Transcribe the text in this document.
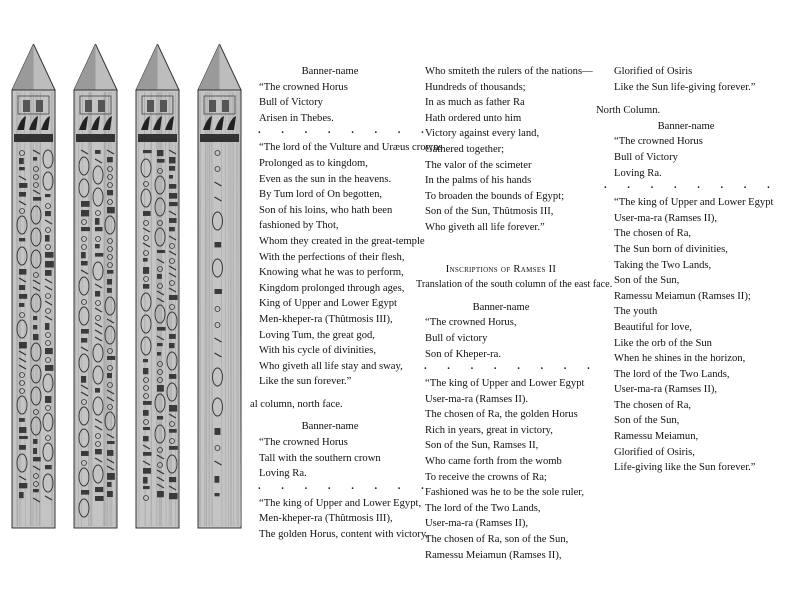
Banner-name
“The crowned Horus
Bull of Victory
Arisen in Thebes.
. . . . . . . .
“The lord of the Vulture and Uræus crowns
Prolonged as to kingdom,
Even as the sun in the heavens.
By Tum lord of On begotten,
Son of his loins, who hath been
fashioned by Thot,
Whom they created in the great-temple
With the perfections of their flesh,
Knowing what he was to perform,
Kingdom prolonged through ages,
King of Upper and Lower Egypt
Men-kheper-ra (Thûtmosis III),
Loving Tum, the great god,
With his cycle of divinities,
Who giveth all life stay and sway,
Like the sun forever.”
al column, north face.
Banner-name
“The crowned Horus
Tall with the southern crown
Loving Ra.
. . . . . . . .
“The king of Upper and Lower Egypt,
Men-kheper-ra (Thûtmosis III),
The golden Horus, content with victory,
Who smiteth the rulers of the nations—
Hundreds of thousands;
In as much as father Ra
Hath ordered unto him
Victory against every land,
Gathered together;
The valor of the scimeter
In the palms of his hands
To broaden the bounds of Egypt;
Son of the Sun, Thûtmosis III,
Who giveth all life forever.”
Inscriptions of Ramses II
Translation of the south column of the east face.
Banner-name
“The crowned Horus,
Bull of victory
Son of Kheper-ra.
. . . . . . . .
“The king of Upper and Lower Egypt
User-ma-ra (Ramses II).
The chosen of Ra, the golden Horus
Rich in years, great in victory,
Son of the Sun, Ramses II,
Who came forth from the womb
To receive the crowns of Ra;
Fashioned was he to be the sole ruler,
The lord of the Two Lands,
User-ma-ra (Ramses II),
The chosen of Ra, son of the Sun,
Ramessu Meiamun (Ramses II),
Glorified of Osiris
Like the Sun life-giving forever.”
North Column.
Banner-name
“The crowned Horus
Bull of Victory
Loving Ra.
. . . . . . . .
“The king of Upper and Lower Egypt
User-ma-ra (Ramses II),
The chosen of Ra,
The Sun born of divinities,
Taking the Two Lands,
Son of the Sun,
Ramessu Meiamun (Ramses II);
The youth
Beautiful for love,
Like the orb of the Sun
When he shines in the horizon,
The lord of the Two Lands,
User-ma-ra (Ramses II),
The chosen of Ra,
Son of the Sun,
Ramessu Meiamun,
Glorified of Osiris,
Life-giving like the Sun forever.”
